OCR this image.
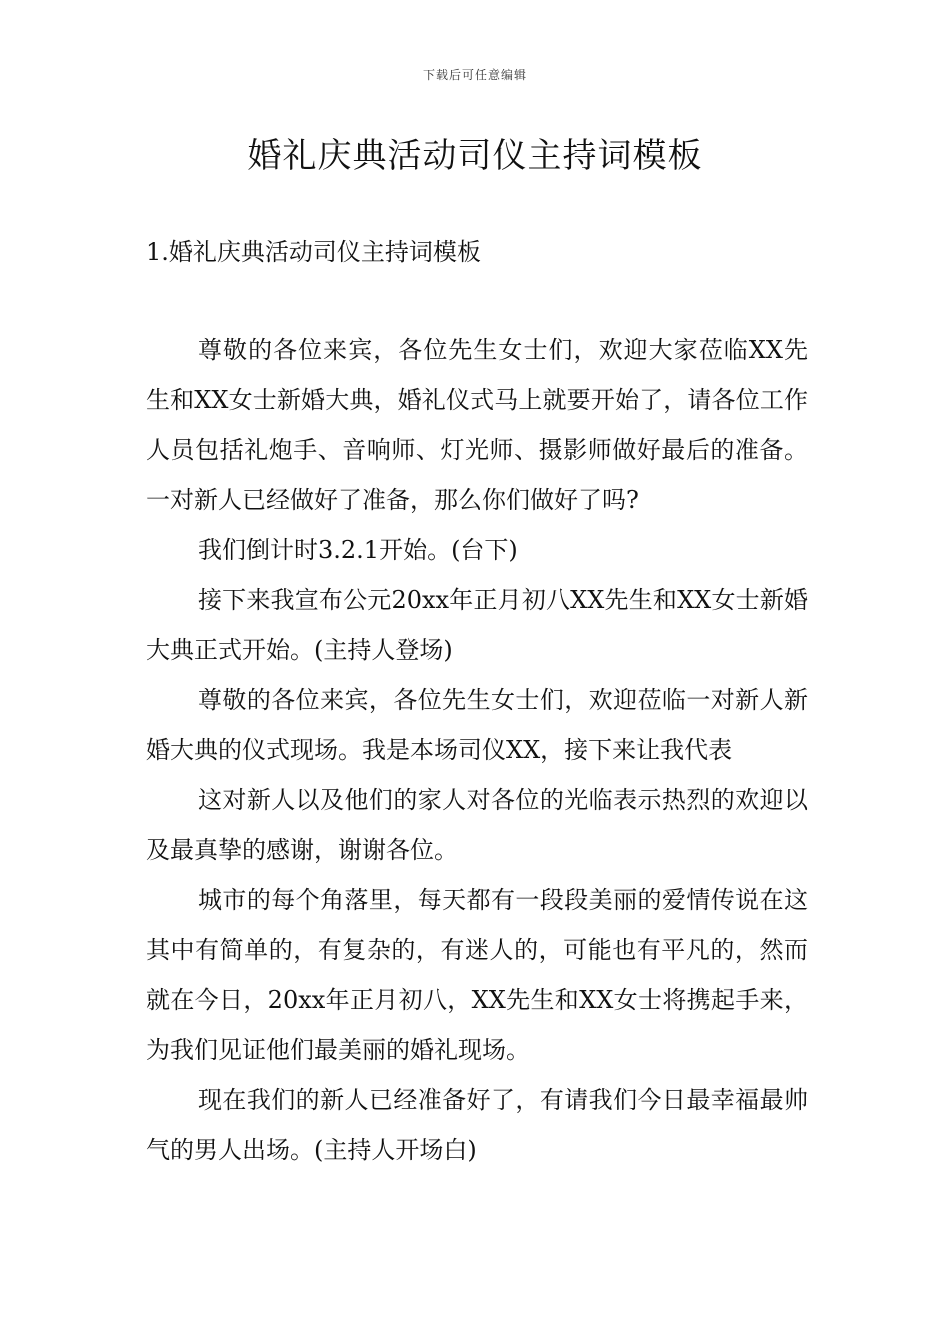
下载后可任意编辑
婚礼庆典活动司仪主持词模板
1.婚礼庆典活动司仪主持词模板

尊敬的各位来宾，各位先生女士们，欢迎大家莅临XX先生和XX女士新婚大典，婚礼仪式马上就要开始了，请各位工作人员包括礼炮手、音响师、灯光师、摄影师做好最后的准备。一对新人已经做好了准备，那么你们做好了吗?

我们倒计时3.2.1开始。(台下)

接下来我宣布公元20xx年正月初八XX先生和XX女士新婚大典正式开始。(主持人登场)

尊敬的各位来宾，各位先生女士们，欢迎莅临一对新人新婚大典的仪式现场。我是本场司仪XX，接下来让我代表

这对新人以及他们的家人对各位的光临表示热烈的欢迎以及最真挚的感谢，谢谢各位。

城市的每个角落里，每天都有一段段美丽的爱情传说在这其中有简单的，有复杂的，有迷人的，可能也有平凡的，然而就在今日，20xx年正月初八，XX先生和XX女士将携起手来，为我们见证他们最美丽的婚礼现场。

现在我们的新人已经准备好了，有请我们今日最幸福最帅气的男人出场。(主持人开场白)
